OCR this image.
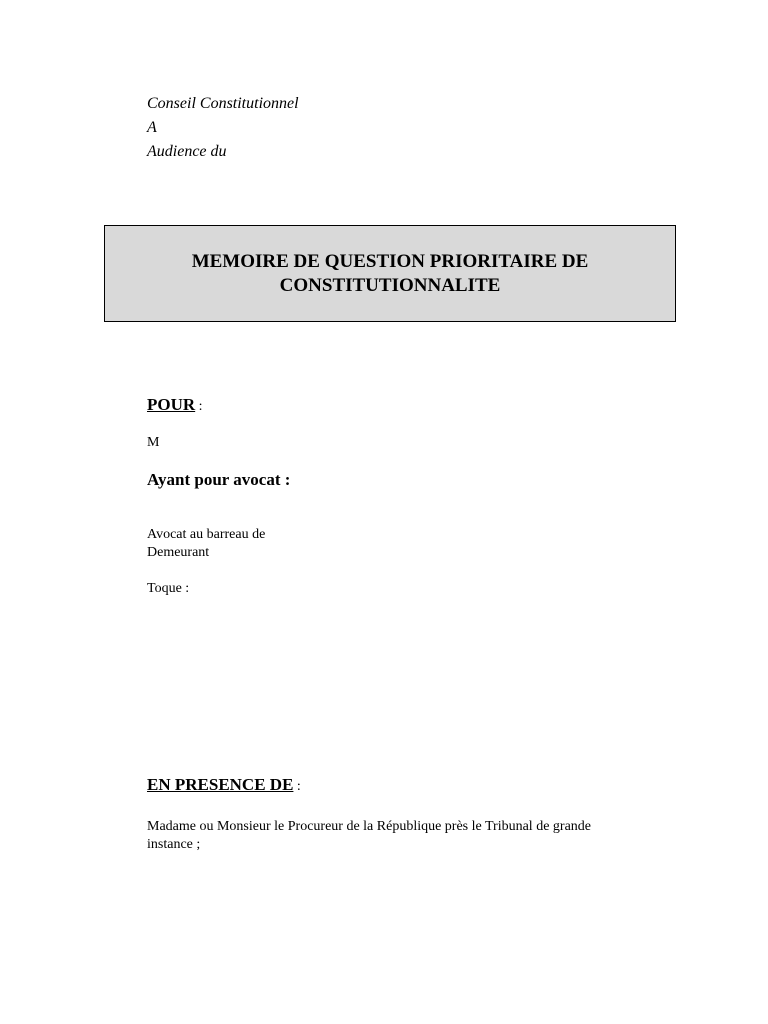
Conseil Constitutionnel
A
Audience du
MEMOIRE DE QUESTION PRIORITAIRE DE
CONSTITUTIONNALITE
POUR :
M
Ayant pour avocat :
Avocat au barreau de
Demeurant
Toque :
EN PRESENCE DE :
Madame ou Monsieur le Procureur de la République près le Tribunal de grande
instance ;
